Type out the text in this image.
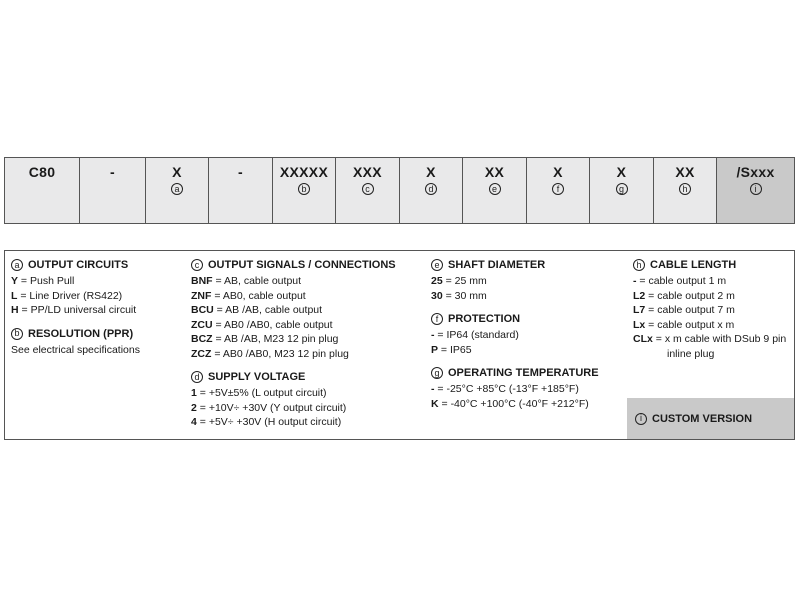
C80	-	X
a
-	XXXXX
b
XXX
c
X
d
XX
e
X
f
X
g
XX
h
/Sxxx
i
a OUTPUT CIRCUITS
Y = Push Pull
L = Line Driver (RS422)
H = PP/LD universal circuit
b RESOLUTION (PPR)
See electrical specifications
c OUTPUT SIGNALS / CONNECTIONS
BNF = AB, cable output
ZNF = AB0, cable output
BCU = AB /AB, cable output
ZCU = AB0 /AB0, cable output
BCZ = AB /AB, M23 12 pin plug
ZCZ = AB0 /AB0, M23 12 pin plug
d SUPPLY VOLTAGE
1 = +5V±5% (L output circuit)
2 = +10V÷ +30V (Y output circuit)
4 = +5V÷ +30V (H output circuit)
e SHAFT DIAMETER
25 = 25 mm
30 = 30 mm
f PROTECTION
- = IP64 (standard)
P = IP65
g OPERATING TEMPERATURE
- = -25°C +85°C (-13°F +185°F)
K = -40°C +100°C (-40°F +212°F)
h CABLE LENGTH
- = cable output 1 m
L2 = cable output 2 m
L7 = cable output 7 m
Lx = cable output x m
CLx = x m cable with DSub 9 pin
inline plug
i CUSTOM VERSION
